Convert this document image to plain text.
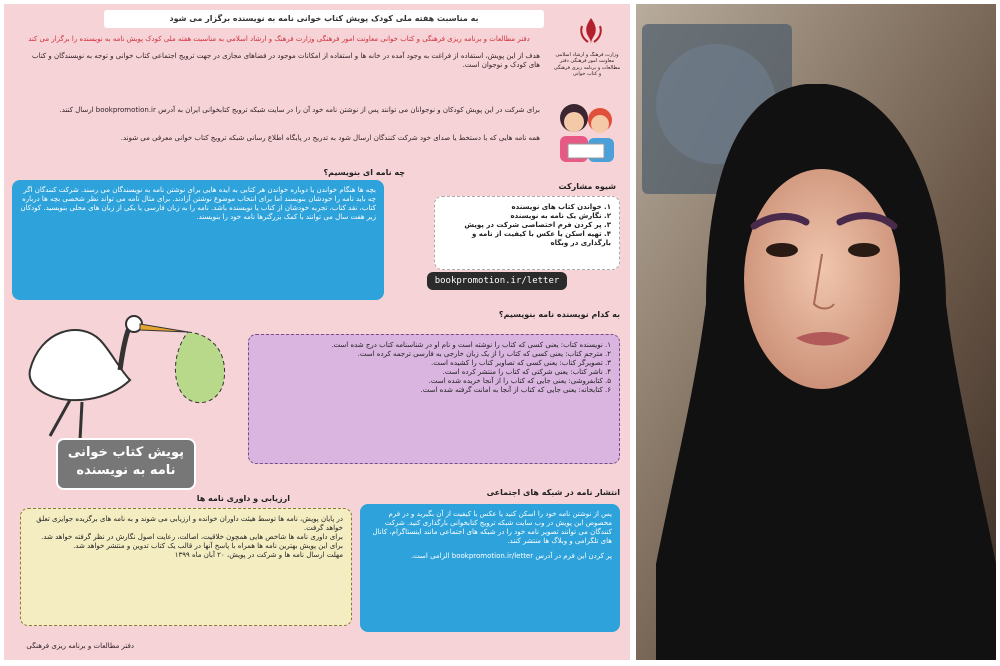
به مناسبت هفته ملی کودک پویش کتاب خوانی نامه به نویسنده برگزار می شود
دفتر مطالعات و برنامه ریزی فرهنگی و کتاب خوانی معاونت امور فرهنگی وزارت فرهنگ و ارشاد اسلامی به مناسبت هفته ملی کودک پویش نامه به نویسنده را برگزار می کند
وزارت فرهنگ و ارشاد اسلامی معاونت امور فرهنگی دفتر مطالعات و برنامه ریزی فرهنگی و کتاب خوانی
هدف از این پویش، استفاده از فراغت به وجود آمده در خانه ها و استفاده از امکانات موجود در فضاهای مجازی در جهت ترویج اجتماعی کتاب خوانی و توجه به نویسندگان و کتاب های کودک و نوجوان است.
برای شرکت در این پویش کودکان و نوجوانان می توانند پس از نوشتن نامه خود آن را در سایت شبکه ترویج کتابخوانی ایران به آدرس bookpromotion.ir ارسال کنند.
همه نامه هایی که با دستخط یا صدای خود شرکت کنندگان ارسال شود به تدریج در پایگاه اطلاع رسانی شبکه ترویج کتاب خوانی معرفی می شوند.
چه نامه ای بنویسیم؟
بچه ها هنگام خواندن یا دوباره خواندن هر کتابی به ایده هایی برای نوشتن نامه به نویسندگان می رسند. شرکت کنندگان اگر چه باید نامه را خودشان بنویسند اما برای انتخاب موضوع نوشتن آزادند. برای مثال نامه می تواند نظر شخصی بچه ها درباره کتاب، نقد کتاب، تجربه خودشان از کتاب یا نویسنده باشد. نامه را به زبان فارسی یا یکی از زبان های محلی بنویسید. کودکان زیر هفت سال می توانند با کمک بزرگترها نامه خود را بنویسند.
شیوه مشارکت
۱. خواندن کتاب های نویسنده
۲. نگارش یک نامه به نویسنده
۳. پر کردن فرم اختصاصی شرکت در پویش
۴. تهیه اسکن یا عکس با کیفیت از نامه و بارگذاری در وبگاه
bookpromotion.ir/letter
به کدام نویسنده نامه بنویسیم؟
۱. نویسنده کتاب: یعنی کسی که کتاب را نوشته است و نام او در شناسنامه کتاب درج شده است.
۲. مترجم کتاب: یعنی کسی که کتاب را از یک زبان خارجی به فارسی ترجمه کرده است.
۳. تصویرگر کتاب: یعنی کسی که تصاویر کتاب را کشیده است.
۴. ناشر کتاب: یعنی شرکتی که کتاب را منتشر کرده است.
۵. کتابفروشی: یعنی جایی که کتاب را از آنجا خریده شده است.
۶. کتابخانه: یعنی جایی که کتاب از آنجا به امانت گرفته شده است.
پویش کتاب خوانی
نامه به نویسنده
ارزیابی و داوری نامه ها
در پایان پویش، نامه ها توسط هیئت داوران خوانده و ارزیابی می شوند و به نامه های برگزیده جوایزی تعلق خواهد گرفت.
برای داوری نامه ها شاخص هایی همچون خلاقیت، اصالت، رعایت اصول نگارش در نظر گرفته خواهد شد.
برای این پویش بهترین نامه ها همراه با پاسخ آنها در قالب یک کتاب تدوین و منتشر خواهد شد.
مهلت ارسال نامه ها و شرکت در پویش، ۲۰ آبان ماه ۱۳۹۹
انتشار نامه در شبکه های اجتماعی
پس از نوشتن نامه خود را اسکن کنید یا عکس با کیفیت از آن بگیرید و در فرم مخصوص این پویش در وب سایت شبکه ترویج کتابخوانی بارگذاری کنید. شرکت کنندگان می توانند تصویر نامه خود را در شبکه های اجتماعی مانند اینستاگرام، کانال های تلگرامی و وبلاگ ها منتشر کنند.
پر کردن این فرم در آدرس bookpromotion.ir/letter الزامی است.
دفتر مطالعات و برنامه ریزی فرهنگی
